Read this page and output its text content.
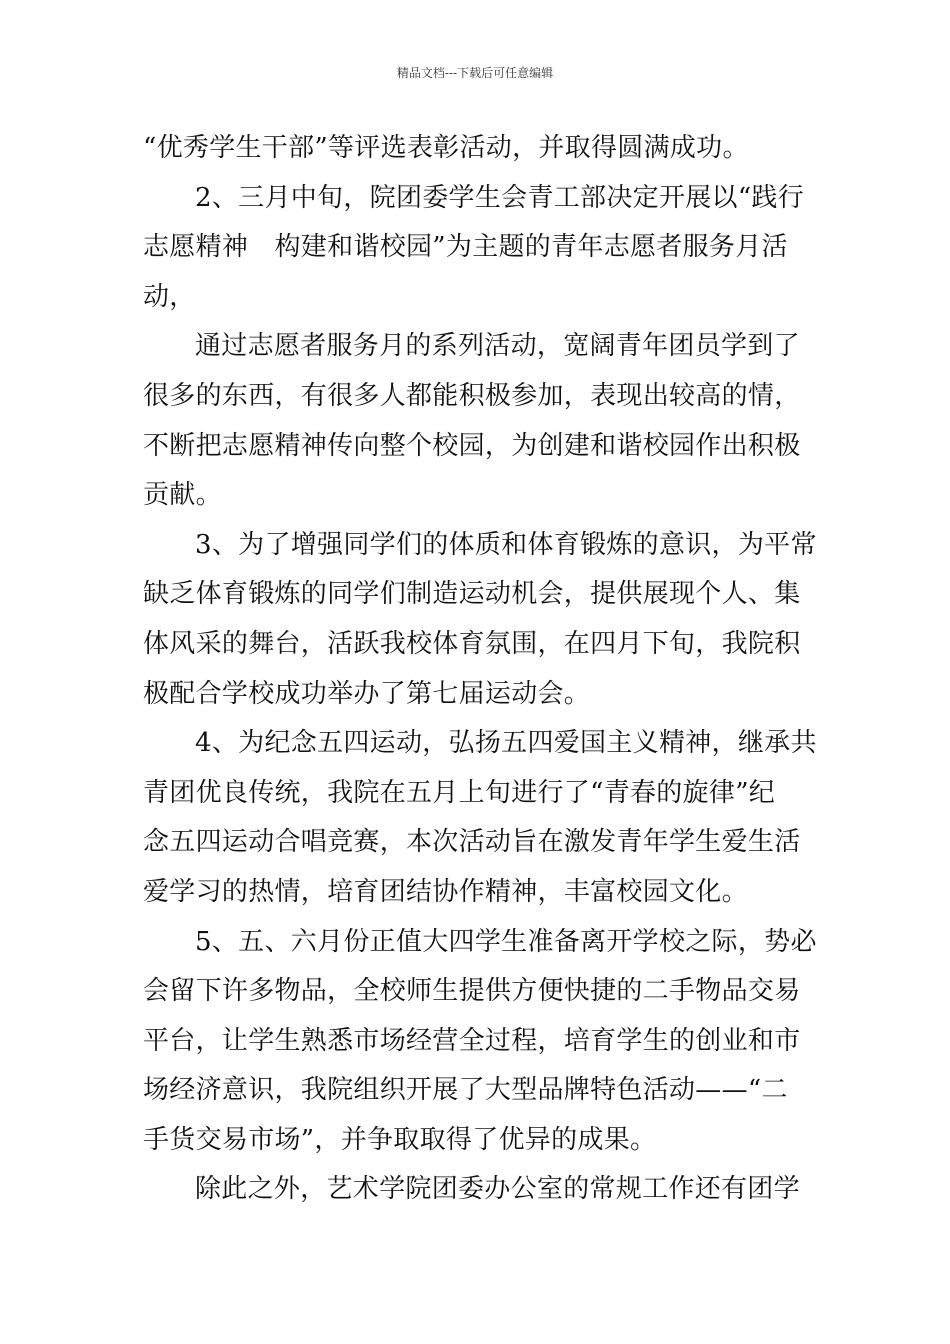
精品文档---下载后可任意编辑
“优秀学生干部”等评选表彰活动，并取得圆满成功。
2、三月中旬，院团委学生会青工部决定开展以“践行
志愿精神　构建和谐校园”为主题的青年志愿者服务月活
动，
通过志愿者服务月的系列活动，宽阔青年团员学到了
很多的东西，有很多人都能积极参加，表现出较高的情，
不断把志愿精神传向整个校园，为创建和谐校园作出积极
贡献。
3、为了增强同学们的体质和体育锻炼的意识，为平常
缺乏体育锻炼的同学们制造运动机会，提供展现个人、集
体风采的舞台，活跃我校体育氛围，在四月下旬，我院积
极配合学校成功举办了第七届运动会。
4、为纪念五四运动，弘扬五四爱国主义精神，继承共
青团优良传统，我院在五月上旬进行了“青春的旋律”纪
念五四运动合唱竞赛，本次活动旨在激发青年学生爱生活
爱学习的热情，培育团结协作精神，丰富校园文化。
5、五、六月份正值大四学生准备离开学校之际，势必
会留下许多物品，全校师生提供方便快捷的二手物品交易
平台，让学生熟悉市场经营全过程，培育学生的创业和市
场经济意识，我院组织开展了大型品牌特色活动——“二
手货交易市场”，并争取取得了优异的成果。
除此之外，艺术学院团委办公室的常规工作还有团学
